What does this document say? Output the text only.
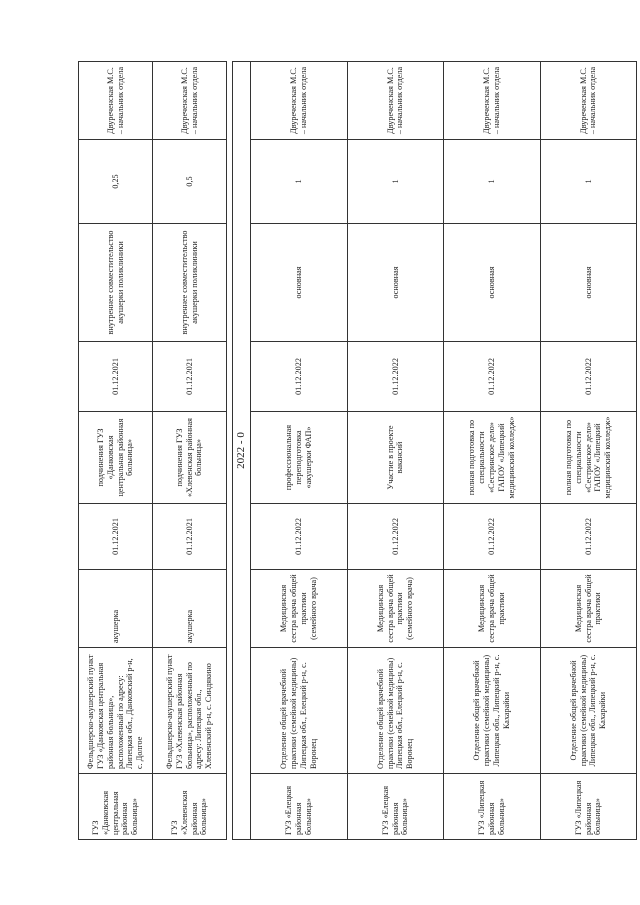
ГУЗ «Данковская центральная районная больница»	Фельдшерско-акушерский пункт ГУЗ «Данковская центральная районная больница», расположенный по адресу: Липецкая обл., Данковский р-н, с. Долгое	акушерка	01.12.2021	подчинения ГУЗ «Данковская центральная районная больница»	01.12.2021	внутреннее совместительство акушерки поликлиники	0,25	Двуреченская М.С. – начальник отдела
ГУЗ «Хлевенская районная больница»	Фельдшерско-акушерский пункт ГУЗ «Хлевенская районная больница», расположенный по адресу: Липецкая обл., Хлевенский р-н, с. Синдякино	акушерка	01.12.2021	подчинения ГУЗ «Хлевенская районная больница»	01.12.2021	внутреннее совместительство акушерки поликлиники	0,5	Двуреченская М.С. – начальник отдела

2022 - 0								
ГУЗ «Елецкая районная больница»	Отделение общей врачебной практики (семейной медицины) Липецкая обл., Елецкий р-н, с. Воронец	Медицинская сестра врача общей практики (семейного врача)	01.12.2022	профессиональная переподготовка «акушерки ФАП»	01.12.2022	основная	1	Двуреченская М.С. – начальник отдела
ГУЗ «Елецкая районная больница»	Отделение общей врачебной практики (семейной медицины) Липецкая обл., Елецкий р-н, с. Воронец	Медицинская сестра врача общей практики (семейного врача)	01.12.2022	Участие в проекте вакансий	01.12.2022	основная	1	Двуреченская М.С. – начальник отдела
ГУЗ «Липецкая районная больница»	Отделение общей врачебной практики (семейной медицины) Липецкая обл., Липецкий р-н, с. Кахарайки	Медицинская сестра врача общей практики	01.12.2022	полная подготовка по специальности «Сестринское дело» ГАПОУ «Липецкий медицинский колледж»	01.12.2022	основная	1	Двуреченская М.С. – начальник отдела
ГУЗ «Липецкая районная больница»	Отделение общей врачебной практики (семейной медицины) Липецкая обл., Липецкий р-н, с. Кахарайки	Медицинская сестра врача общей практики	01.12.2022	полная подготовка по специальности «Сестринское дело» ГАПОУ «Липецкий медицинский колледж»	01.12.2022	основная	1	Двуреченская М.С. – начальник отдела
